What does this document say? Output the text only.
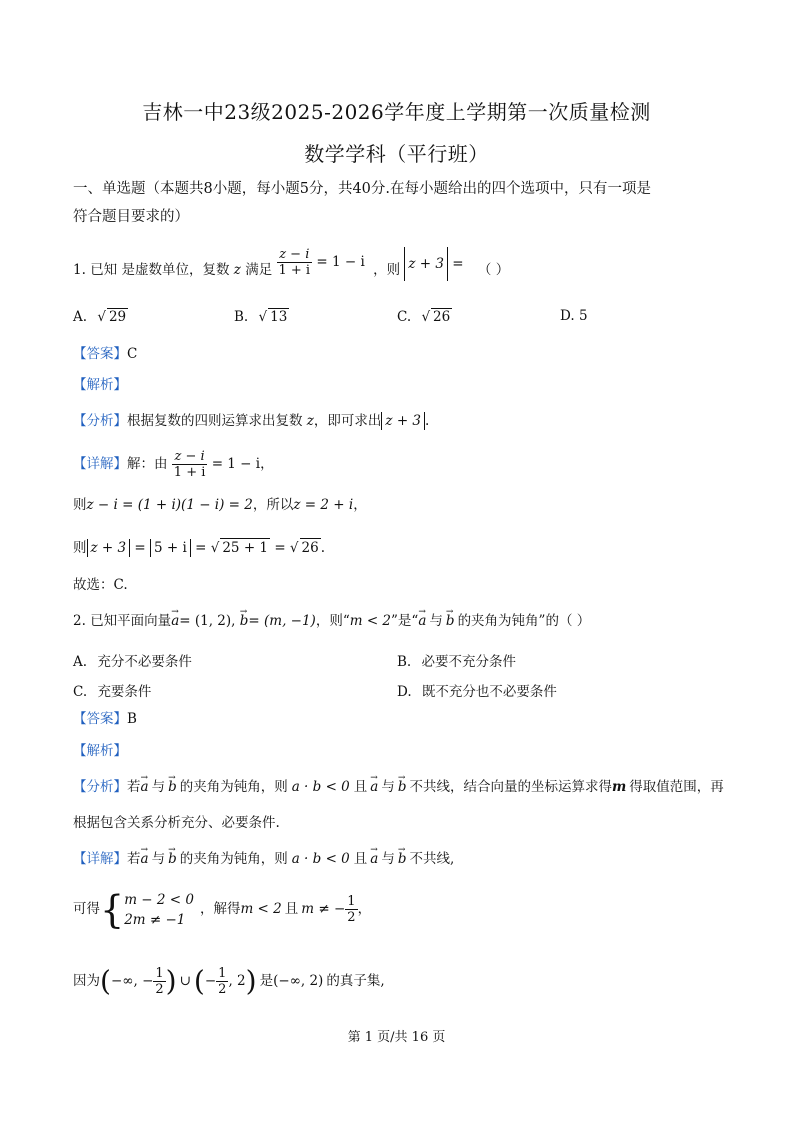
吉林一中23级2025-2026学年度上学期第一次质量检测
数学学科（平行班）
一、单选题（本题共8小题，每小题5分，共40分.在每小题给出的四个选项中，只有一项是
符合题目要求的）
1. 已知 是虚数单位，复数 z 满足 $\frac{z - i}{1 + i} = 1 - i$ ，则 z + 3 = （ ）
A. √ 29	B. √ 13	C. √ 26	D. 5
【答案】C
【解析】
【分析】根据复数的四则运算求出复数 z，即可求出 z + 3 .
【详解】解：由 $\frac{z - i}{1 + i} = 1 - i$，
则z − i = (1 + i)(1 − i) = 2，所以z = 2 + i，
则 z + 3 = 5 + i = √ 25 + 1 = √ 26 .
故选：C.
2. 已知平面向量→ a= (1, 2), → b= (m, −1)，则“m < 2”是“→ a 与 → b 的夹角为钝角”的（ ）
A. 充分不必要条件	B. 必要不充分条件
C. 充要条件	D. 既不充分也不必要条件
【答案】B
【解析】
【分析】若→ a 与 → b 的夹角为钝角，则 a · b < 0 且 → a 与 → b 不共线，结合向量的坐标运算求得m 得取值范围，再
根据包含关系分析充分、必要条件.
【详解】若→ a 与 → b 的夹角为钝角，则 a · b < 0 且 → a 与 → b 不共线,
可得{ m − 2 < 0
2m ≠ −1
，解得m < 2 且 m ≠ − $\frac{1}{2}$ ，
因为(−∞, − $\frac{1}{2}$ ) ∪ (− $\frac{1}{2}$ , 2) 是(−∞, 2) 的真子集,
第 1 页/共 16 页
